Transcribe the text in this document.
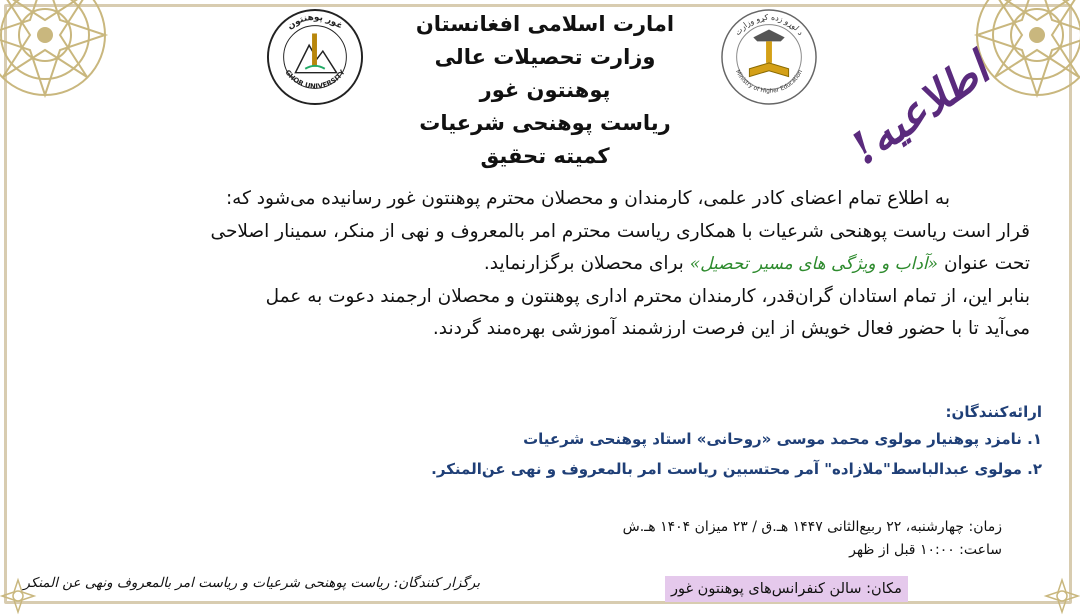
غور پوهنتون
GHOR UNIVERSITY
د لوړو زده کړو وزارت
Ministry of Higher Education
امارت اسلامی افغانستان
وزارت تحصیلات عالی
پوهنتون غور
ریاست پوهنحی شرعیات
کمیته تحقیق	اطلاعیه!
به اطلاع تمام اعضای کادر علمی، کارمندان و محصلان محترم پوهنتون غور رسانیده می‌شود که:
قرار است ریاست پوهنحی شرعیات با همکاری ریاست محترم امر بالمعروف و نهی از منکر، سمینار اصلاحی
تحت عنوان «آداب و ویژگی های مسیر تحصیل» برای محصلان برگزارنماید.
بنابر این، از تمام استادان گران‌قدر، کارمندان محترم اداری پوهنتون و محصلان ارجمند دعوت به عمل
می‌آید تا با حضور فعال خویش از این فرصت ارزشمند آموزشی بهره‌مند گردند.
ارائه‌کنندگان:
۱. نامزد پوهنیار مولوی محمد موسی «روحانی» استاد پوهنحی شرعیات
۲. مولوی عبدالباسط"ملازاده" آمر محتسبین ریاست امر بالمعروف و نهی عن‌المنکر.
زمان: چهارشنبه، ۲۲ ربیع‌الثانی ۱۴۴۷ هـ.ق / ۲۳ میزان ۱۴۰۴ هـ.ش
ساعت: ۱۰:۰۰ قبل از ظهر
مکان: سالن کنفرانس‌های پوهنتون غور
برگزار کنندگان: ریاست پوهنحی شرعیات و ریاست امر بالمعروف ونهی عن المنکر
